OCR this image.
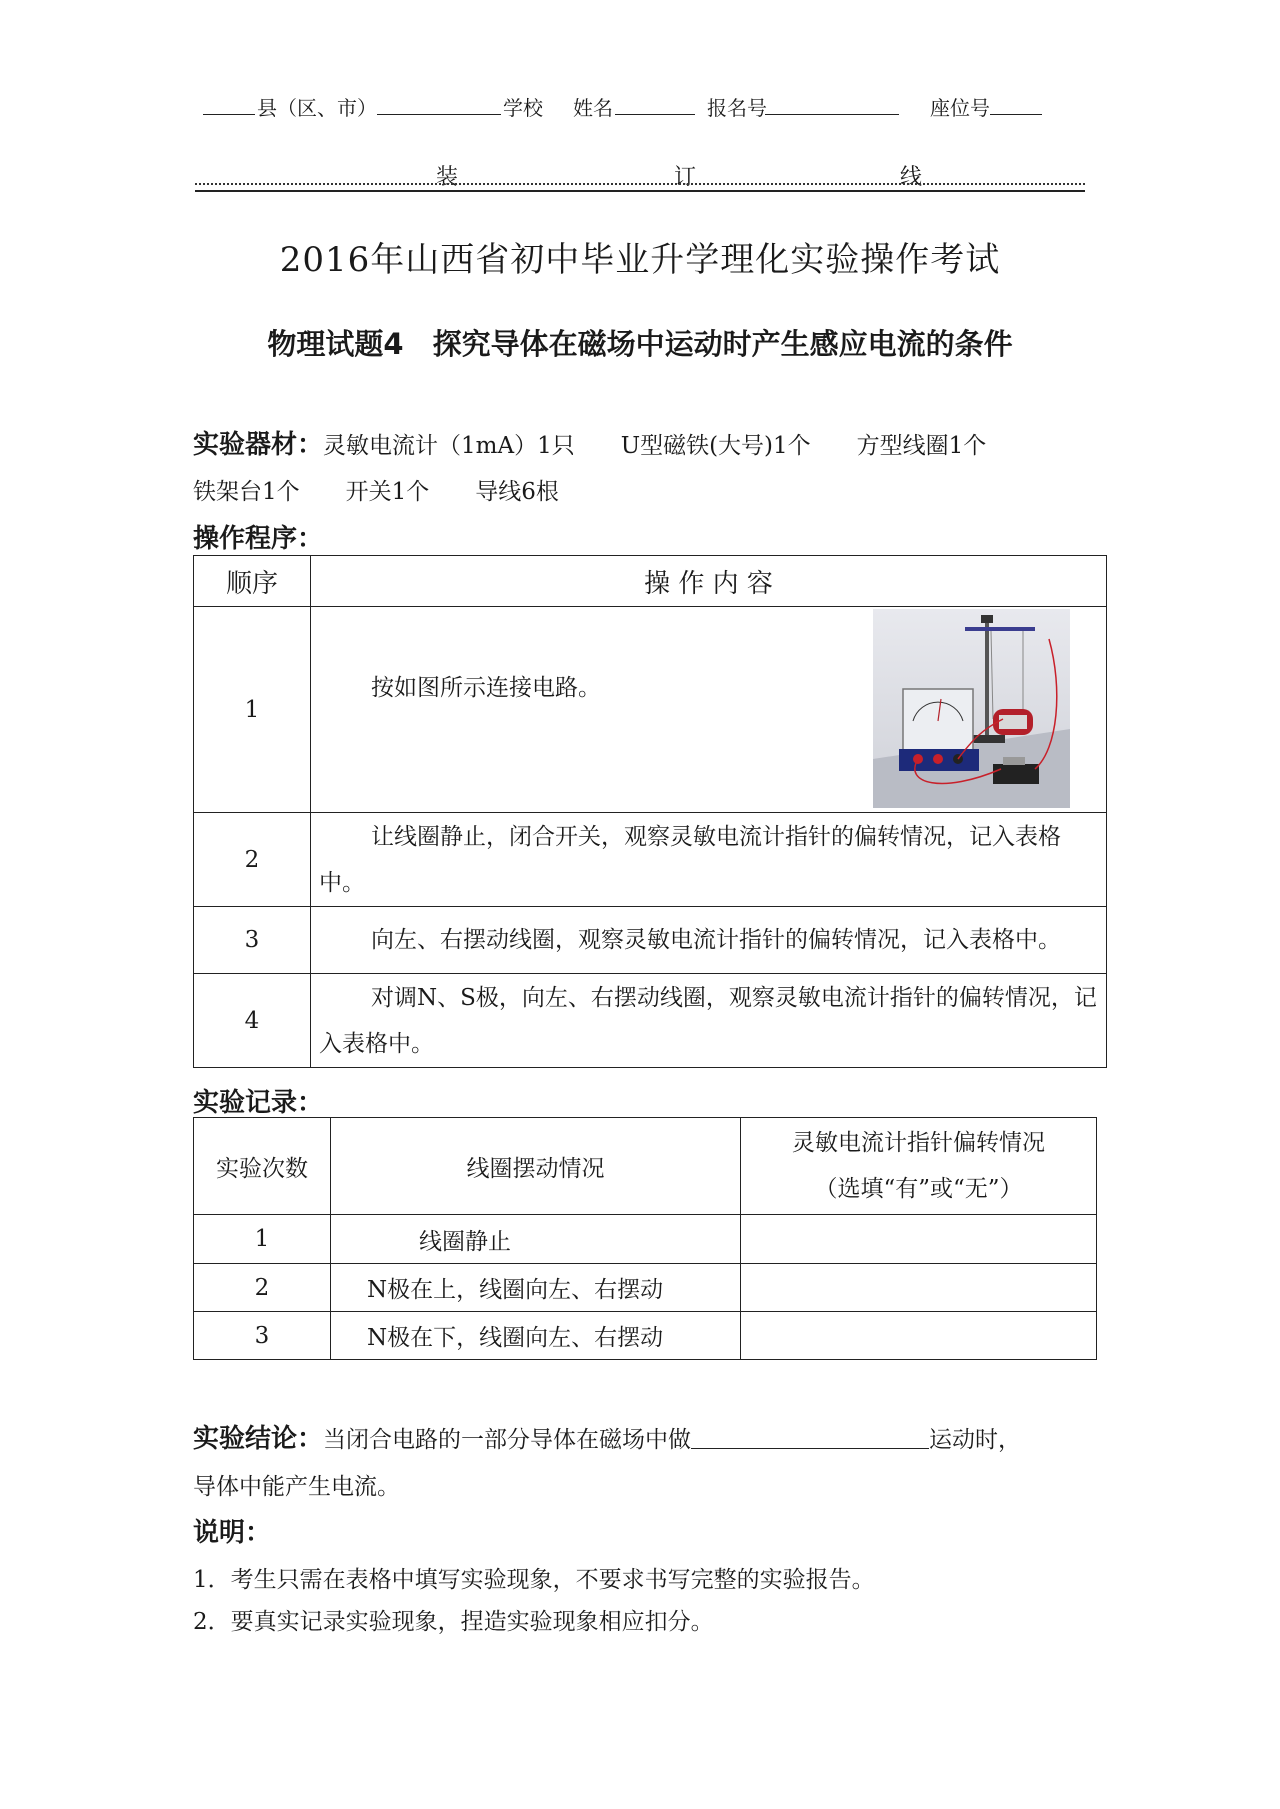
县（区、市）	学校 姓名	报名号	座位号
装	订	线
2016年山西省初中毕业升学理化实验操作考试
物理试题4　探究导体在磁场中运动时产生感应电流的条件
实验器材：灵敏电流计（1mA）1只　　U型磁铁(大号)1个　　方型线圈1个
铁架台1个　　开关1个　　导线6根
操作程序：
顺序	操 作 内 容
1	按如图所示连接电路。
2	让线圈静止，闭合开关，观察灵敏电流计指针的偏转情况，记入表格中。
3	向左、右摆动线圈，观察灵敏电流计指针的偏转情况，记入表格中。
4	对调N、S极，向左、右摆动线圈，观察灵敏电流计指针的偏转情况，记入表格中。
实验记录：
实验次数	线圈摆动情况	灵敏电流计指针偏转情况
（选填“有”或“无”）

1	线圈静止	
2	N极在上，线圈向左、右摆动	
3	N极在下，线圈向左、右摆动	
实验结论：当闭合电路的一部分导体在磁场中做	运动时，
导体中能产生电流。
说明：
1．考生只需在表格中填写实验现象，不要求书写完整的实验报告。
2．要真实记录实验现象，捏造实验现象相应扣分。
